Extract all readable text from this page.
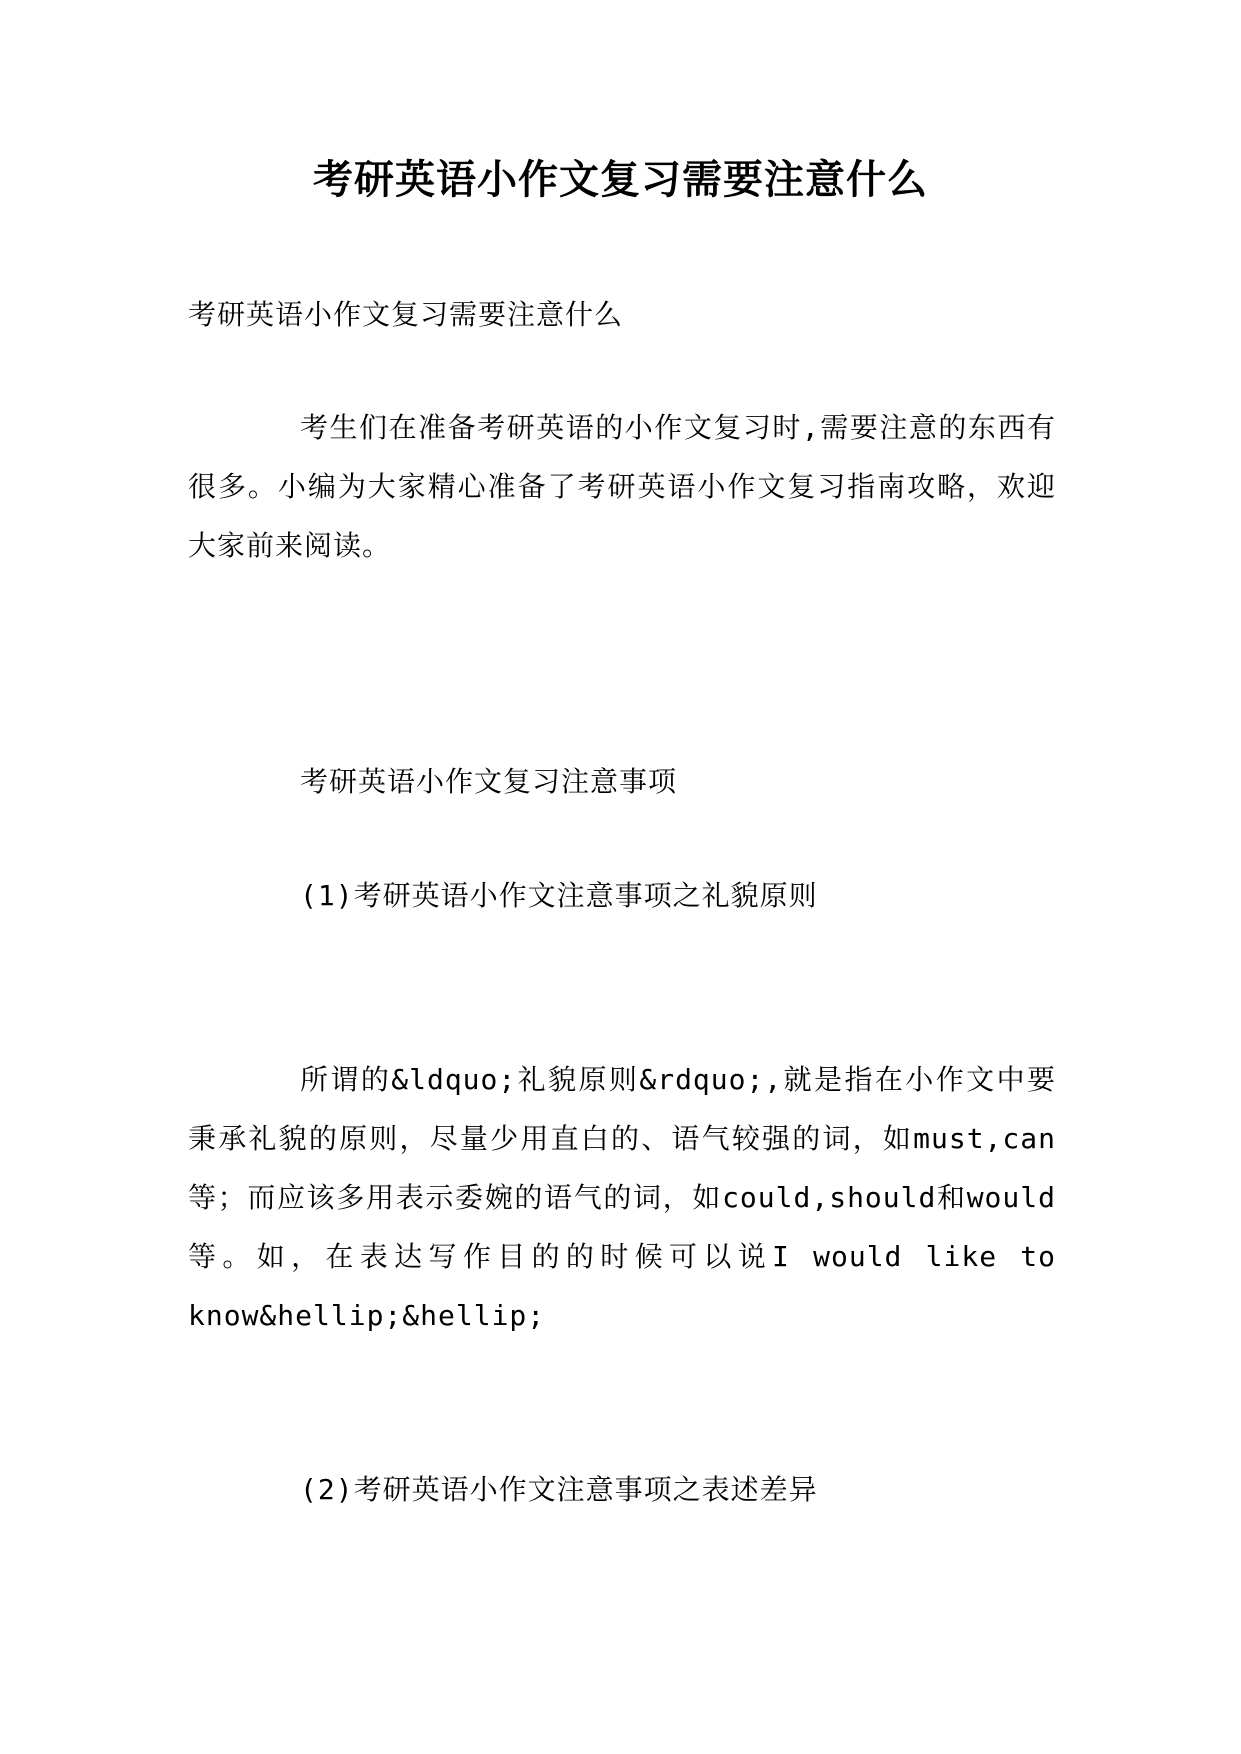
考研英语小作文复习需要注意什么

考研英语小作文复习需要注意什么

考生们在准备考研英语的小作文复习时,需要注意的东西有很多。小编为大家精心准备了考研英语小作文复习指南攻略，欢迎大家前来阅读。

考研英语小作文复习注意事项

(1)考研英语小作文注意事项之礼貌原则

所谓的&ldquo;礼貌原则&rdquo;,就是指在小作文中要秉承礼貌的原则，尽量少用直白的、语气较强的词，如must,can等；而应该多用表示委婉的语气的词，如could,should和would等。如，在表达写作目的的时候可以说I would like to know&hellip;&hellip;

(2)考研英语小作文注意事项之表述差异
